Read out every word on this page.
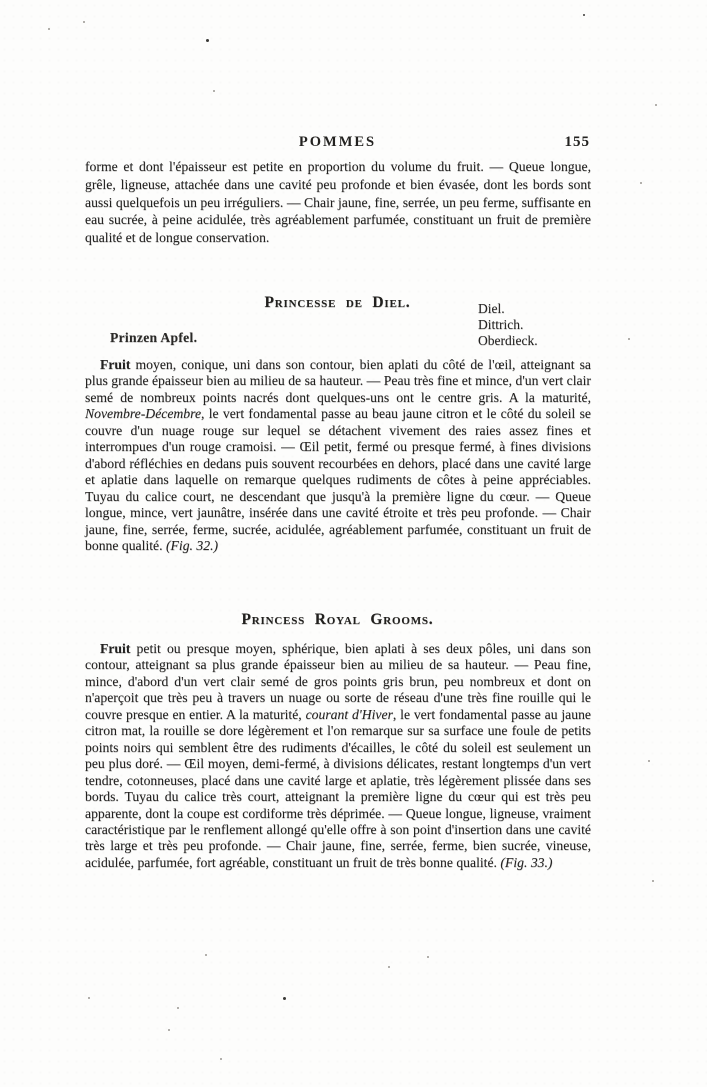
POMMES	155

forme et dont l'épaisseur est petite en proportion du volume du fruit. — Queue longue, grêle, ligneuse, attachée dans une cavité peu profonde et bien évasée, dont les bords sont aussi quelquefois un peu irréguliers. — Chair jaune, fine, serrée, un peu ferme, suffisante en eau sucrée, à peine acidulée, très agréablement parfumée, constituant un fruit de première qualité et de longue conservation.

Princesse de Diel.	Diel.
Dittrich.
Oberdieck.
Prinzen Apfel.

Fruit moyen, conique, uni dans son contour, bien aplati du côté de l'œil, atteignant sa plus grande épaisseur bien au milieu de sa hauteur. — Peau très fine et mince, d'un vert clair semé de nombreux points nacrés dont quelques-uns ont le centre gris. A la maturité, Novembre-Décembre, le vert fondamental passe au beau jaune citron et le côté du soleil se couvre d'un nuage rouge sur lequel se détachent vivement des raies assez fines et interrompues d'un rouge cramoisi. — Œil petit, fermé ou presque fermé, à fines divisions d'abord réfléchies en dedans puis souvent recourbées en dehors, placé dans une cavité large et aplatie dans laquelle on remarque quelques rudiments de côtes à peine appréciables. Tuyau du calice court, ne descendant que jusqu'à la première ligne du cœur. — Queue longue, mince, vert jaunâtre, insérée dans une cavité étroite et très peu profonde. — Chair jaune, fine, serrée, ferme, sucrée, acidulée, agréablement parfumée, constituant un fruit de bonne qualité. (Fig. 32.)

Princess Royal Grooms.

Fruit petit ou presque moyen, sphérique, bien aplati à ses deux pôles, uni dans son contour, atteignant sa plus grande épaisseur bien au milieu de sa hauteur. — Peau fine, mince, d'abord d'un vert clair semé de gros points gris brun, peu nombreux et dont on n'aperçoit que très peu à travers un nuage ou sorte de réseau d'une très fine rouille qui le couvre presque en entier. A la maturité, courant d'Hiver, le vert fondamental passe au jaune citron mat, la rouille se dore légèrement et l'on remarque sur sa surface une foule de petits points noirs qui semblent être des rudiments d'écailles, le côté du soleil est seulement un peu plus doré. — Œil moyen, demi-fermé, à divisions délicates, restant longtemps d'un vert tendre, cotonneuses, placé dans une cavité large et aplatie, très légèrement plissée dans ses bords. Tuyau du calice très court, atteignant la première ligne du cœur qui est très peu apparente, dont la coupe est cordiforme très déprimée. — Queue longue, ligneuse, vraiment caractéristique par le renflement allongé qu'elle offre à son point d'insertion dans une cavité très large et très peu profonde. — Chair jaune, fine, serrée, ferme, bien sucrée, vineuse, acidulée, parfumée, fort agréable, constituant un fruit de très bonne qualité. (Fig. 33.)
